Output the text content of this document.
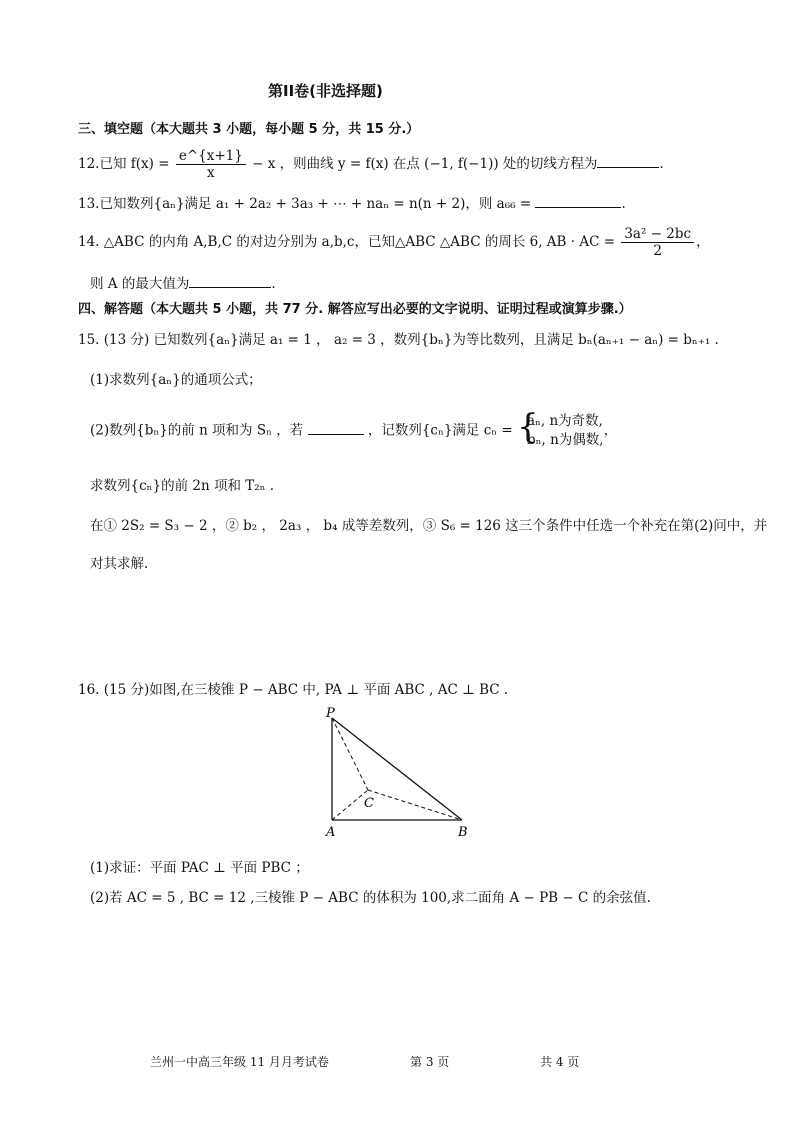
第II卷(非选择题)
三、填空题（本大题共 3 小题，每小题 5 分，共 15 分.）
12.已知 $f(x) = \frac{e\^{}\{x+1\}}{x} - x$ ，则曲线 y = f(x) 在点 (−1, f(−1)) 处的切线方程为	.
13.已知数列{aₙ}满足 a₁ + 2a₂ + 3a₃ + ⋯ + naₙ = n(n + 2)，则 a₆₆ =	.
14. △ABC 的内角 A,B,C 的对边分别为 a,b,c，已知△ABC △ABC 的周长 6, AB · AC = $\frac{\text{3a² − 2bc}}{2}$ ，
则 A 的最大值为	.
四、解答题（本大题共 5 小题，共 77 分. 解答应写出必要的文字说明、证明过程或演算步骤.）
15. (13 分) 已知数列{aₙ}满足 a₁ = 1 ， a₂ = 3 ，数列{bₙ}为等比数列，且满足 bₙ(aₙ₊₁ − aₙ) = bₙ₊₁ .
(1)求数列{aₙ}的通项公式；
(2)数列{bₙ}的前 n 项和为 Sₙ ，若	，记数列{cₙ}满足 cₙ = {
aₙ, n为奇数,
bₙ, n为偶数,
，
求数列{cₙ}的前 2n 项和 T₂ₙ .
在① 2S₂ = S₃ − 2 ，② b₂ ， 2a₃ ， b₄ 成等差数列，③ S₆ = 126 这三个条件中任选一个补充在第(2)问中，并
对其求解.
16. (15 分)如图,在三棱锥 P − ABC 中, PA ⊥ 平面 ABC , AC ⊥ BC .
P
A	B
C
(1)求证：平面 PAC ⊥ 平面 PBC ；
(2)若 AC = 5 , BC = 12 ,三棱锥 P − ABC 的体积为 100,求二面角 A − PB − C 的余弦值.
兰州一中高三年级 11 月月考试卷	第 3 页	共 4 页
